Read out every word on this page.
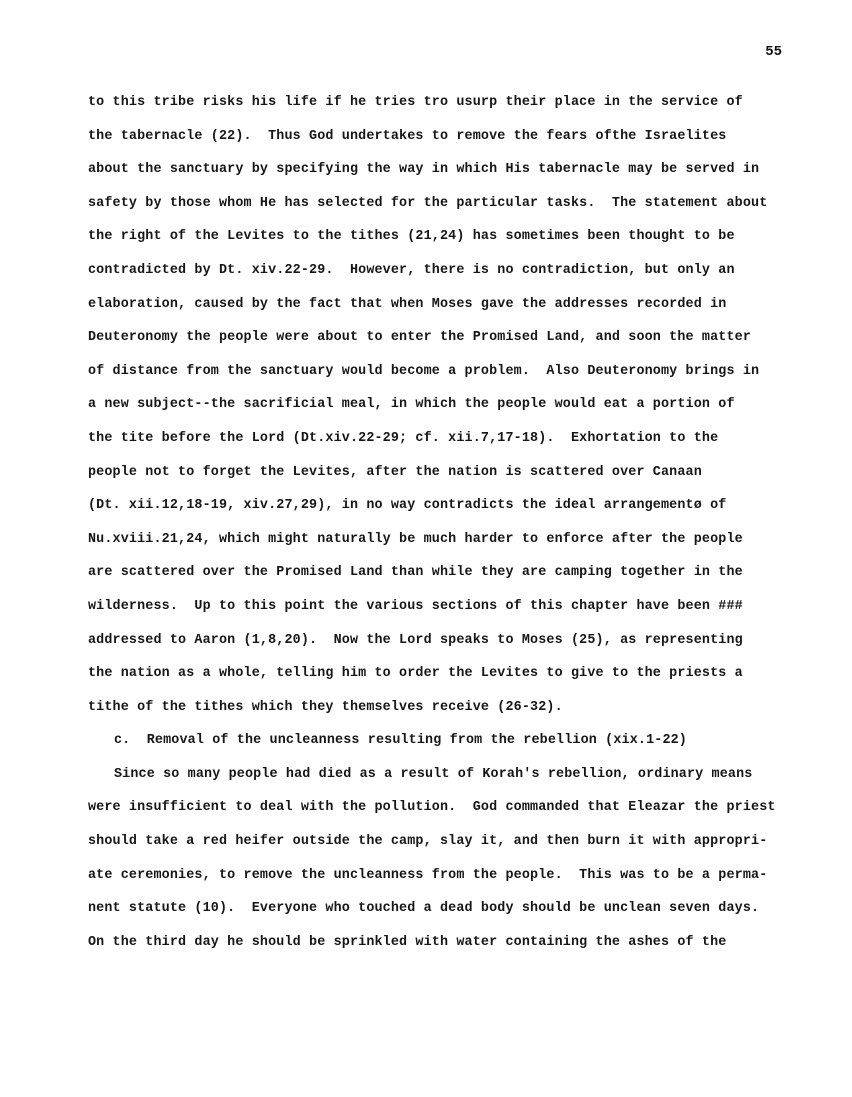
55
to this tribe risks his life if he tries tro usurp their place in the service of
the tabernacle (22).  Thus God undertakes to remove the fears ofthe Israelites
about the sanctuary by specifying the way in which His tabernacle may be served in
safety by those whom He has selected for the particular tasks.  The statement about
the right of the Levites to the tithes (21,24) has sometimes been thought to be
contradicted by Dt. xiv.22-29.  However, there is no contradiction, but only an
elaboration, caused by the fact that when Moses gave the addresses recorded in
Deuteronomy the people were about to enter the Promised Land, and soon the matter
of distance from the sanctuary would become a problem.  Also Deuteronomy brings in
a new subject--the sacrificial meal, in which the people would eat a portion of
the tite before the Lord (Dt.xiv.22-29; cf. xii.7,17-18).  Exhortation to the
people not to forget the Levites, after the nation is scattered over Canaan
(Dt. xii.12,18-19, xiv.27,29), in no way contradicts the ideal arrangementø of
Nu.xviii.21,24, which might naturally be much harder to enforce after the people
are scattered over the Promised Land than while they are camping together in the
wilderness.  Up to this point the various sections of this chapter have been ###
addressed to Aaron (1,8,20).  Now the Lord speaks to Moses (25), as representing
the nation as a whole, telling him to order the Levites to give to the priests a
tithe of the tithes which they themselves receive (26-32).
c.  Removal of the uncleanness resulting from the rebellion (xix.1-22)
Since so many people had died as a result of Korah's rebellion, ordinary means
were insufficient to deal with the pollution.  God commanded that Eleazar the priest
should take a red heifer outside the camp, slay it, and then burn it with appropri-
ate ceremonies, to remove the uncleanness from the people.  This was to be a perma-
nent statute (10).  Everyone who touched a dead body should be unclean seven days.
On the third day he should be sprinkled with water containing the ashes of the
